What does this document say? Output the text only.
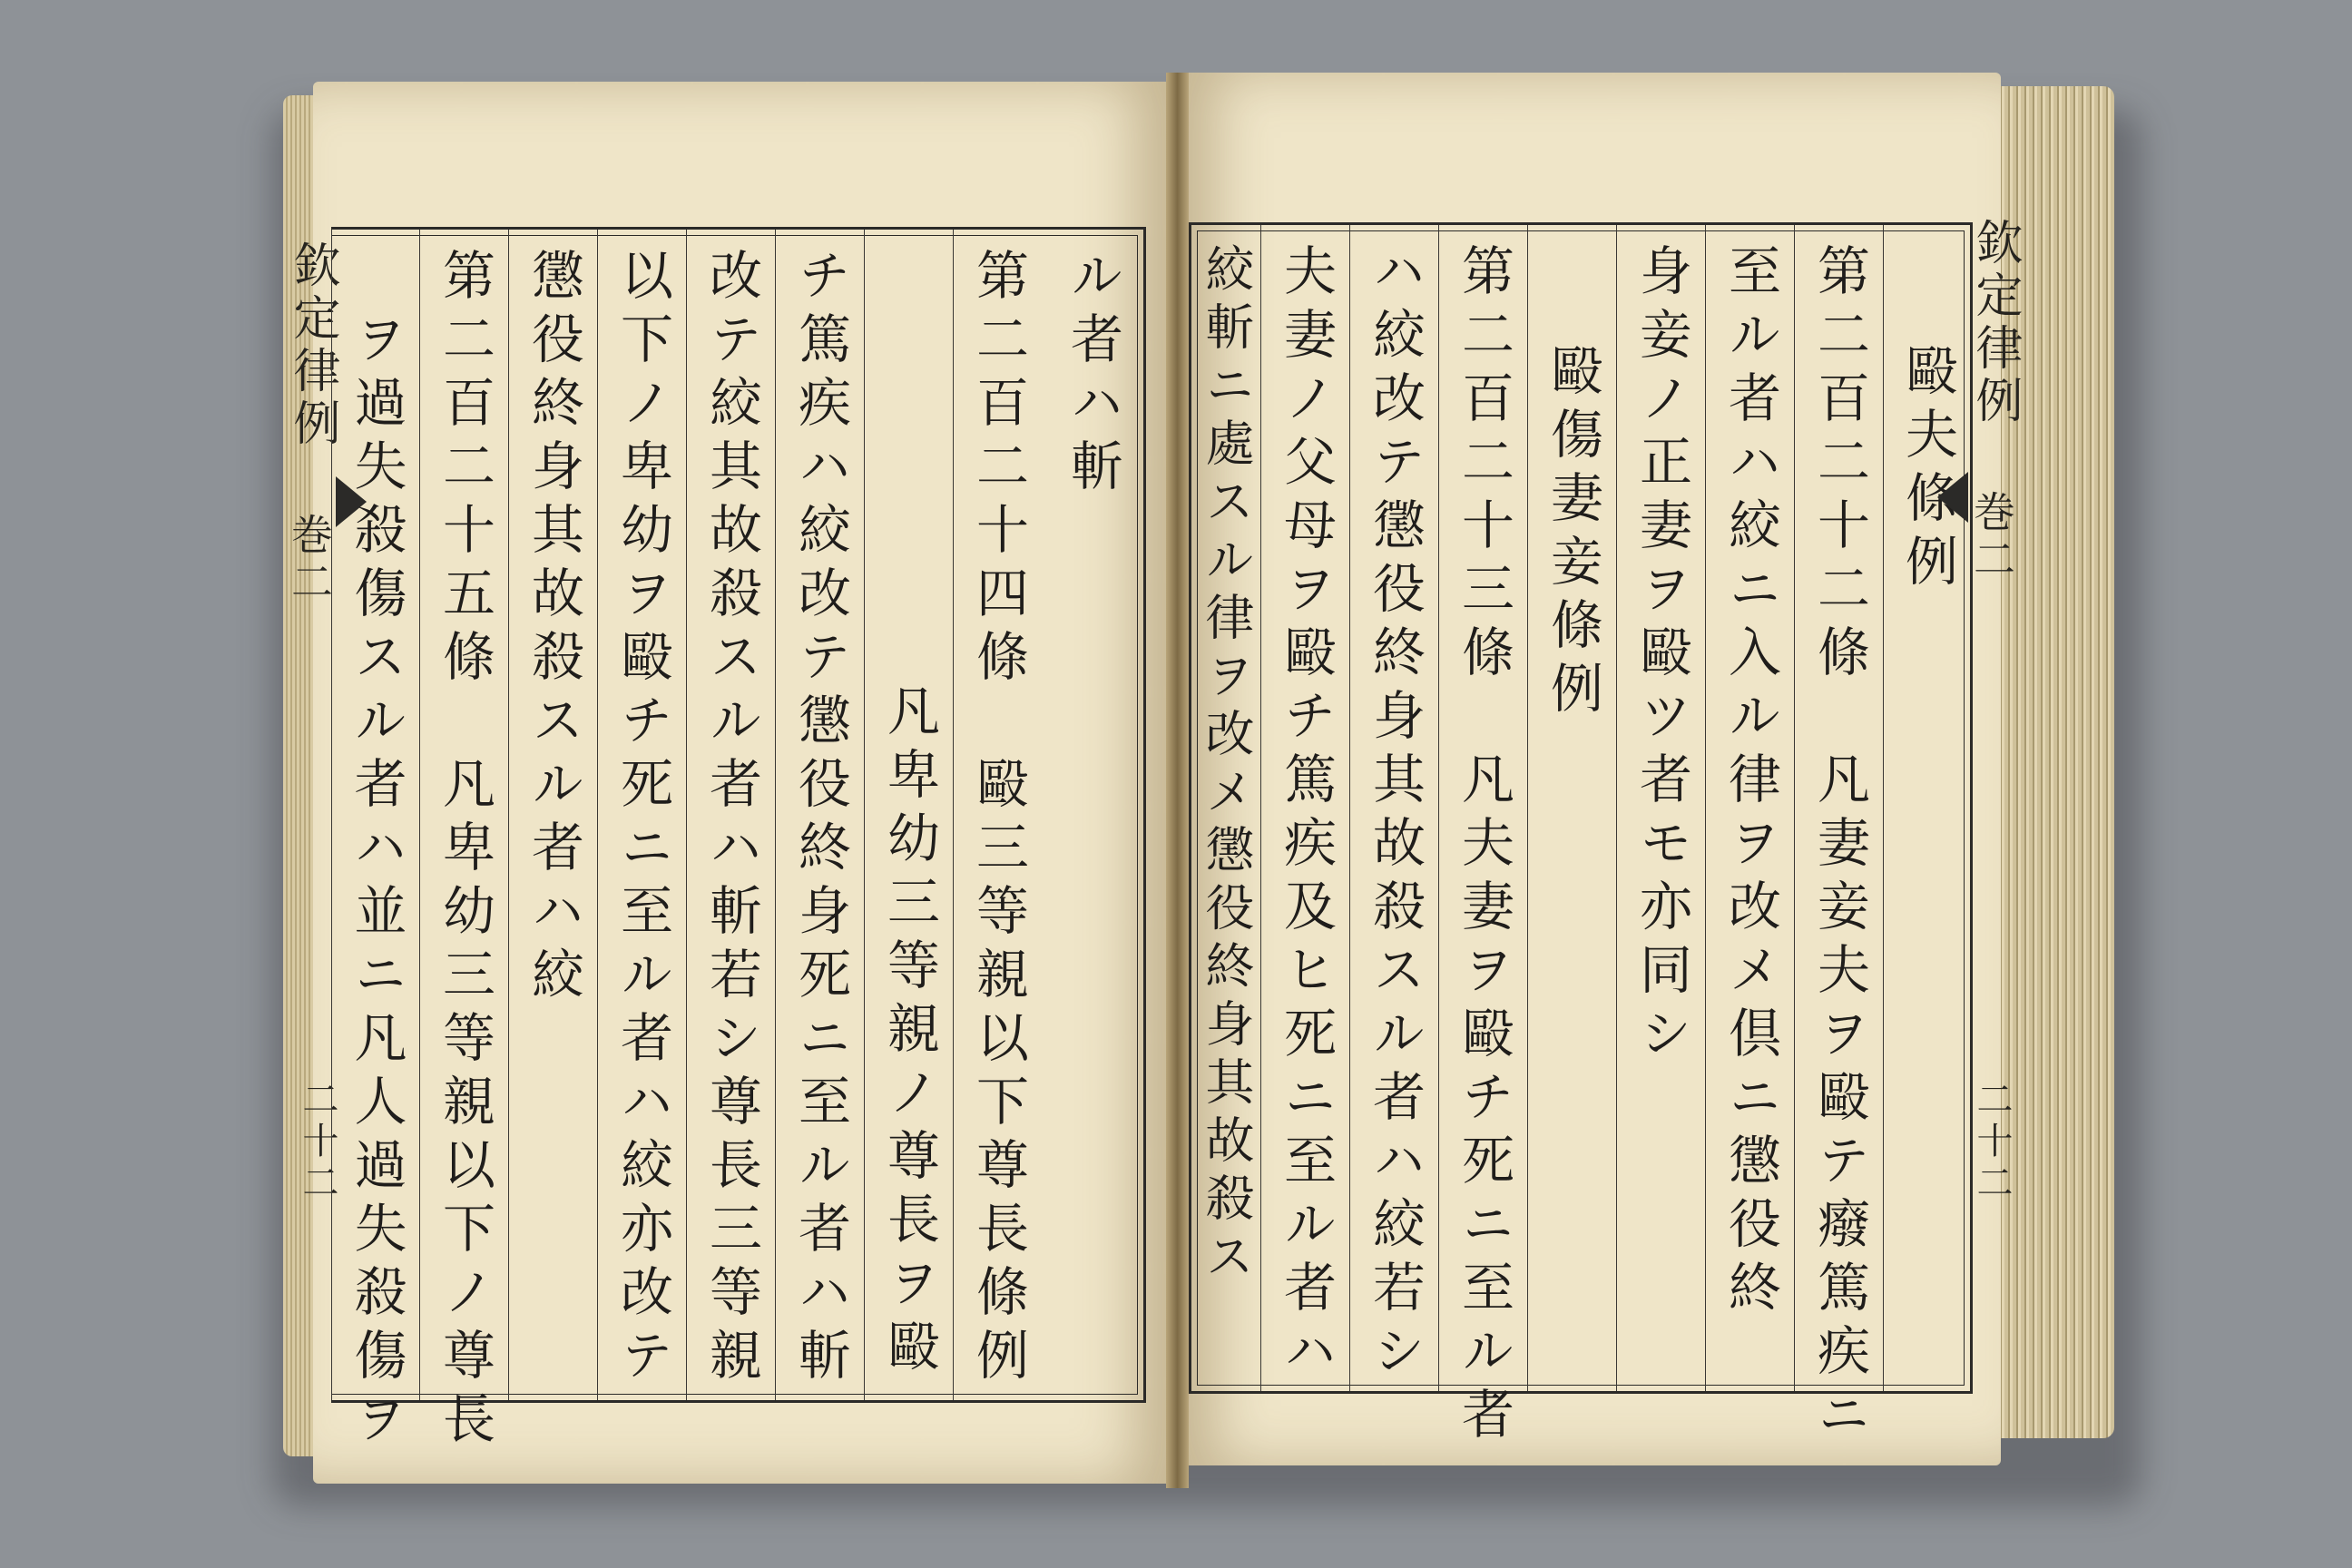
欽定律例
巻二
二十二
ル者ハ斬
第二百二十四條　毆三等親以下尊長條例
凡卑幼三等親ノ尊長ヲ毆
チ篤疾ハ絞改テ懲役終身死ニ至ル者ハ斬
改テ絞其故殺スル者ハ斬若シ尊長三等親
以下ノ卑幼ヲ毆チ死ニ至ル者ハ絞亦改テ
懲役終身其故殺スル者ハ絞
第二百二十五條　凡卑幼三等親以下ノ尊長
ヲ過失殺傷スル者ハ並ニ凡人過失殺傷ヲ	毆夫條例
第二百二十二條　凡妻妾夫ヲ毆テ癈篤疾ニ
至ル者ハ絞ニ入ル律ヲ改メ倶ニ懲役終
身妾ノ正妻ヲ毆ツ者モ亦同シ
毆傷妻妾條例
第二百二十三條　凡夫妻ヲ毆チ死ニ至ル者
ハ絞改テ懲役終身其故殺スル者ハ絞若シ
夫妻ノ父母ヲ毆チ篤疾及ヒ死ニ至ル者ハ
絞斬ニ處スル律ヲ改メ懲役終身其故殺ス	欽定律例
巻二
二十二
